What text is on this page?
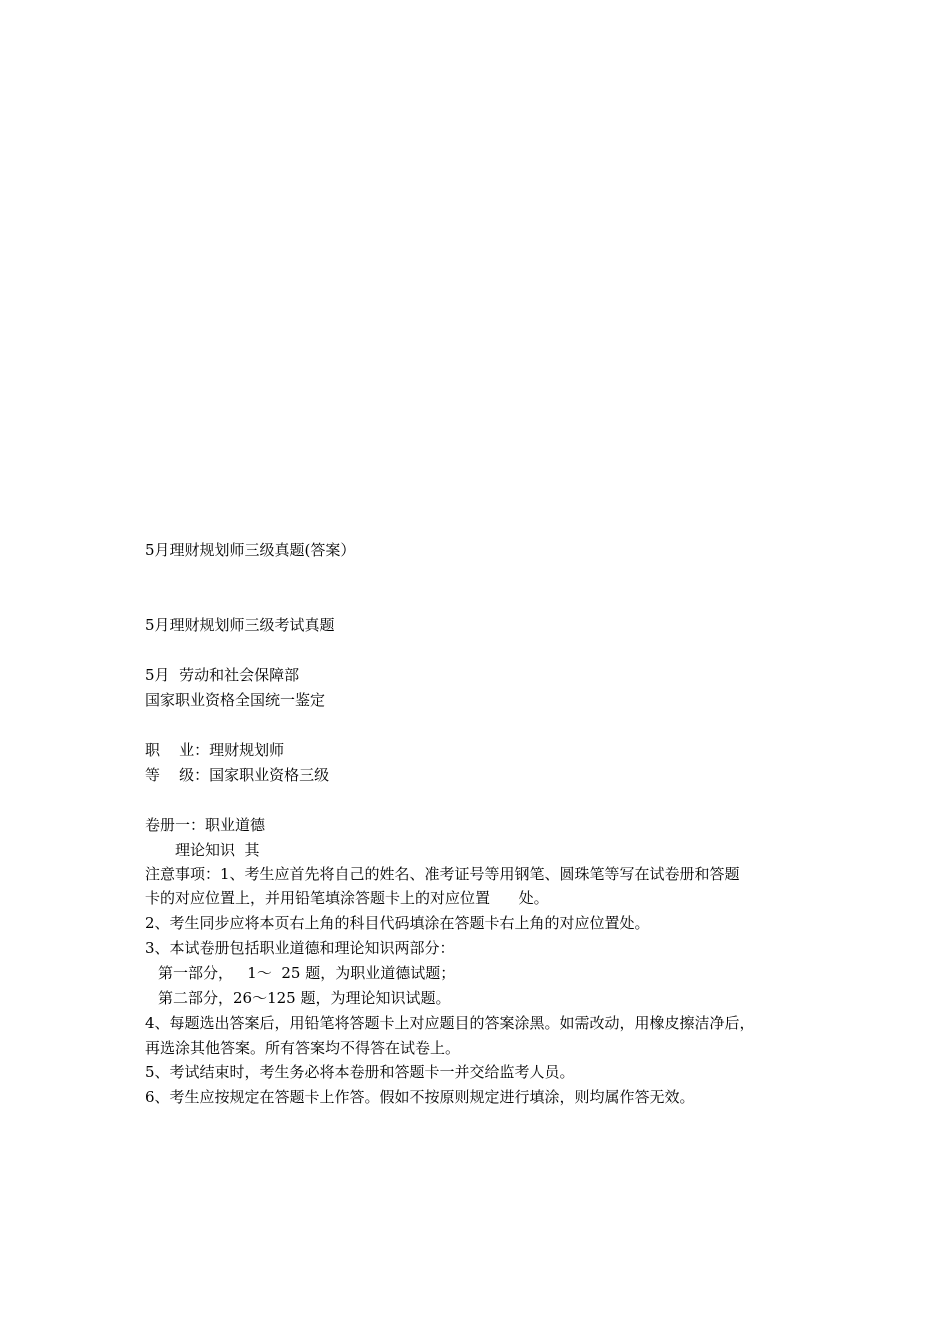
5月理财规划师三级真题(答案）
5月理财规划师三级考试真题
5月  劳动和社会保障部
国家职业资格全国统一鉴定
职    业：理财规划师
等    级：国家职业资格三级
卷册一：职业道德
理论知识  其
注意事项：1、考生应首先将自己的姓名、准考证号等用钢笔、圆珠笔等写在试卷册和答题
卡的对应位置上，并用铅笔填涂答题卡上的对应位置      处。
2、考生同步应将本页右上角的科目代码填涂在答题卡右上角的对应位置处。
3、本试卷册包括职业道德和理论知识两部分：
第一部分，   1～  25 题，为职业道德试题；
第二部分，26～125 题，为理论知识试题。
4、每题选出答案后，用铅笔将答题卡上对应题目的答案涂黑。如需改动，用橡皮擦洁净后，
再选涂其他答案。所有答案均不得答在试卷上。
5、考试结束时，考生务必将本卷册和答题卡一并交给监考人员。
6、考生应按规定在答题卡上作答。假如不按原则规定进行填涂，则均属作答无效。
